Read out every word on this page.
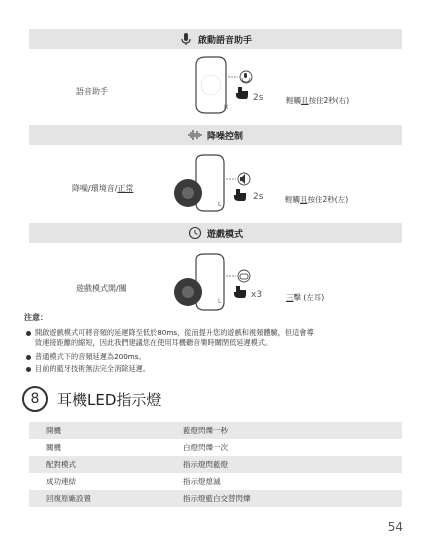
啟動語音助手
語音助手
R
2s	輕觸且按住2秒(右)
降噪控制
降噪/環境音/正常
L
2s	輕觸且按住2秒(左)
遊戲模式
遊戲模式開/關
L
x3	三擊 (左耳)
注意：
開啟遊戲模式可將音頻的延遲降至低於80ms，從而提升您的遊戲和視頻體驗，但這會導
致連接距離的縮短，因此我們建議您在使用耳機聽音樂時關閉低延遲模式。
普通模式下的音頻延遲為200ms。
目前的藍牙技術無法完全消除延遲。
8	耳機LED指示燈
開機	藍燈閃爍一秒
關機	白燈閃爍一次
配對模式	指示燈閃藍燈
成功連結	指示燈熄滅
回復原廠設置	指示燈藍白交替閃爍
54
